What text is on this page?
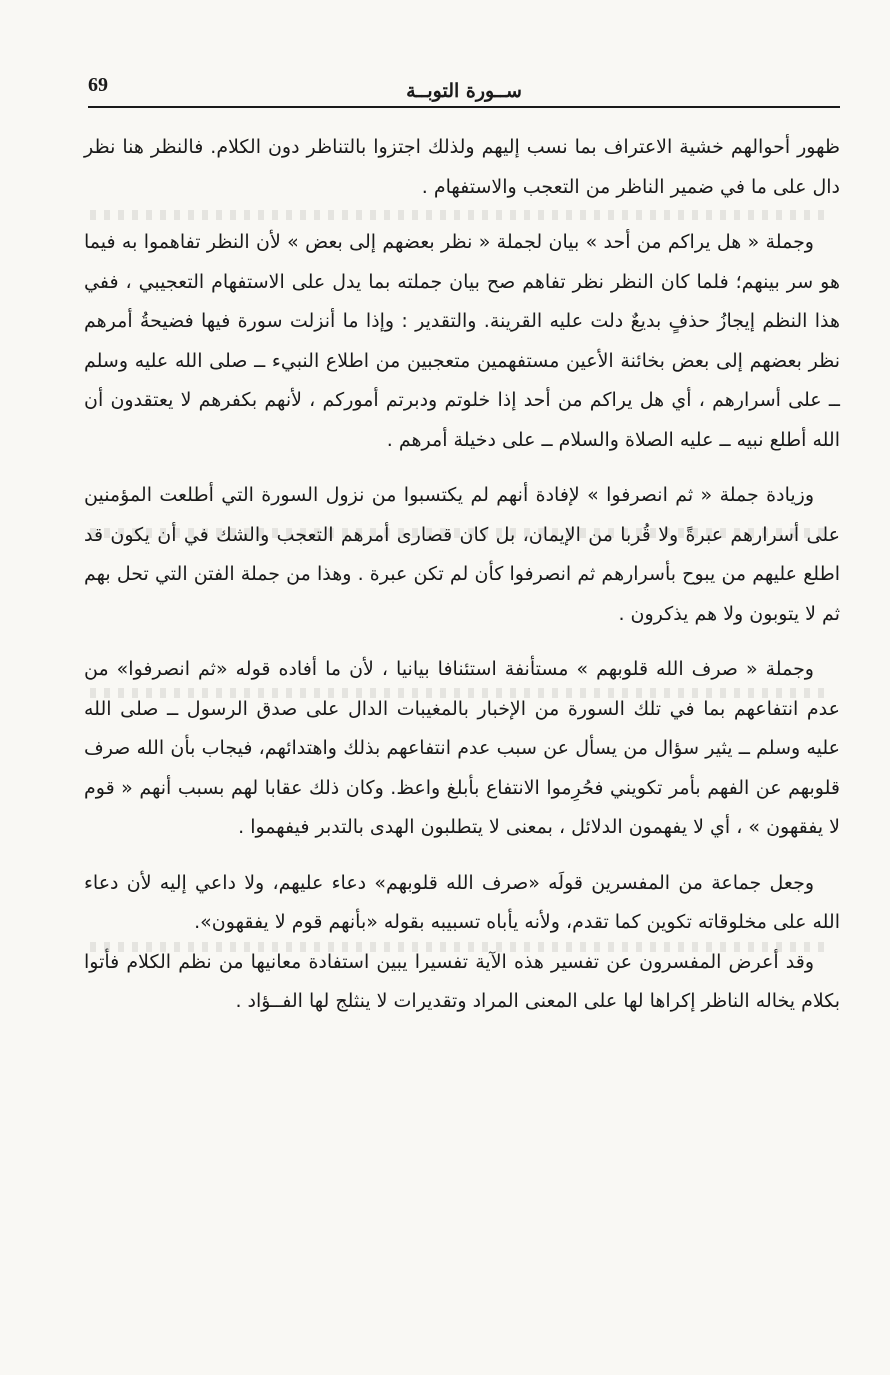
69	ســورة التوبــة

ظهور أحوالهم خشية الاعتراف بما نسب إليهم ولذلك اجتزوا بالتناظر دون الكلام. فالنظر هنا نظر دال على ما في ضمير الناظر من التعجب والاستفهام .

وجملة « هل يراكم من أحد » بيان لجملة « نظر بعضهم إلى بعض » لأن النظر تفاهموا به فيما هو سر بينهم؛ فلما كان النظر نظر تفاهم صح بيان جملته بما يدل على الاستفهام التعجيبي ، ففي هذا النظم إيجازُ حذفٍ بديعٌ دلت عليه القرينة. والتقدير : وإذا ما أنزلت سورة فيها فضيحةُ أمرهم نظر بعضهم إلى بعض بخائنة الأعين مستفهمين متعجبين من اطلاع النبيء ــ صلى الله عليه وسلم ــ على أسرارهم ، أي هل يراكم من أحد إذا خلوتم ودبرتم أموركم ، لأنهم بكفرهم لا يعتقدون أن الله أطلع نبيه ــ عليه الصلاة والسلام ــ على دخيلة أمرهم .

وزيادة جملة « ثم انصرفوا » لإفادة أنهم لم يكتسبوا من نزول السورة التي أطلعت المؤمنين على أسرارهم عبرةً ولا قُربا من الإيمان، بل كان قصارى أمرهم التعجب والشك في أن يكون قد اطلع عليهم من يبوح بأسرارهم ثم انصرفوا كأن لم تكن عبرة . وهذا من جملة الفتن التي تحل بهم ثم لا يتوبون ولا هم يذكرون .

وجملة « صرف الله قلوبهم » مستأنفة استئنافا بيانيا ، لأن ما أفاده قوله «ثم انصرفوا» من عدم انتفاعهم بما في تلك السورة من الإخبار بالمغيبات الدال على صدق الرسول ــ صلى الله عليه وسلم ــ يثير سؤال من يسأل عن سبب عدم انتفاعهم بذلك واهتدائهم، فيجاب بأن الله صرف قلوبهم عن الفهم بأمر تكويني فحُرِموا الانتفاع بأبلغ واعظ. وكان ذلك عقابا لهم بسبب أنهم « قوم لا يفقهون » ، أي لا يفهمون الدلائل ، بمعنى لا يتطلبون الهدى بالتدبر فيفهموا .

وجعل جماعة من المفسرين قولَه «صرف الله قلوبهم» دعاء عليهم، ولا داعي إليه لأن دعاء الله على مخلوقاته تكوين كما تقدم، ولأنه يأباه تسبيبه بقوله «بأنهم قوم لا يفقهون».

وقد أعرض المفسرون عن تفسير هذه الآية تفسيرا يبين استفادة معانيها من نظم الكلام فأتوا بكلام يخاله الناظر إكراها لها على المعنى المراد وتقديرات لا ينثلج لها الفــؤاد .
